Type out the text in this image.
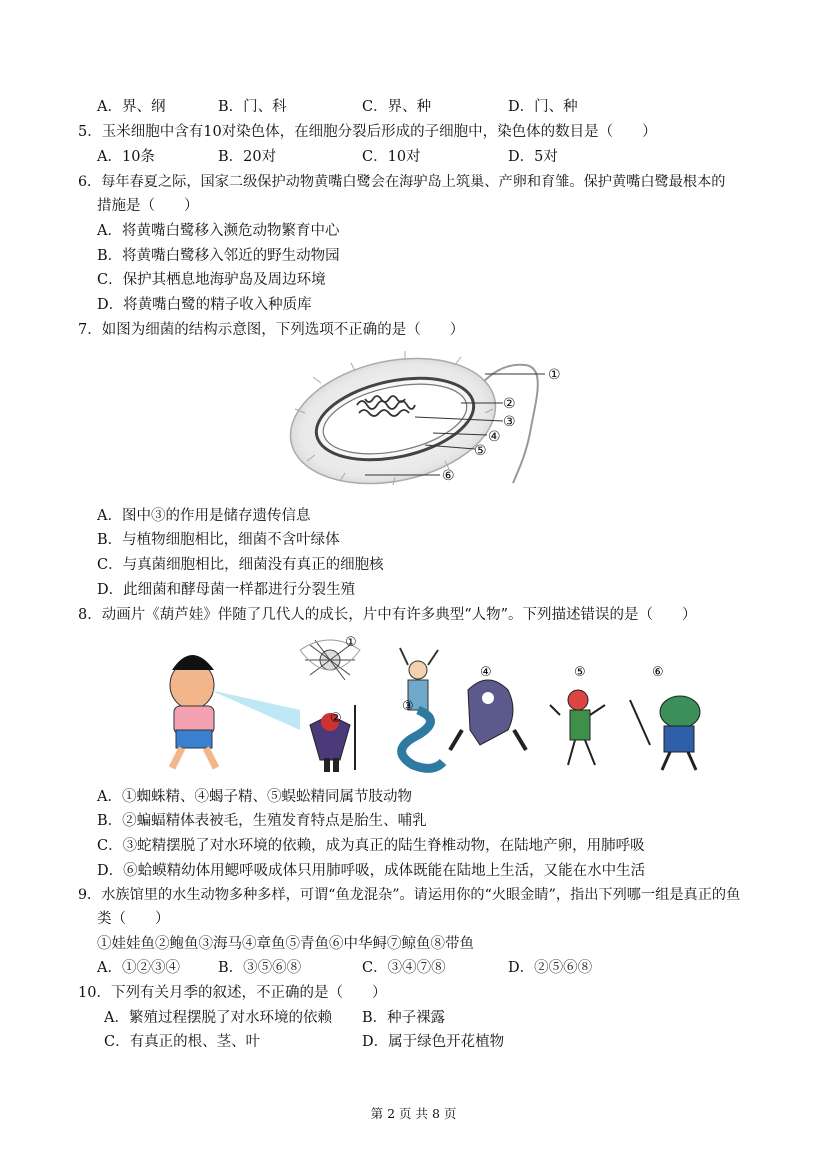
A．界、纲	B．门、科	C．界、种	D．门、种
5．玉米细胞中含有10对染色体，在细胞分裂后形成的子细胞中，染色体的数目是（　　）
A．10条	B．20对	C．10对	D．5对
6．每年春夏之际，国家二级保护动物黄嘴白鹭会在海驴岛上筑巢、产卵和育雏。保护黄嘴白鹭最根本的
措施是（　　）
A．将黄嘴白鹭移入濒危动物繁育中心
B．将黄嘴白鹭移入邻近的野生动物园
C．保护其栖息地海驴岛及周边环境
D．将黄嘴白鹭的精子收入种质库
7．如图为细菌的结构示意图，下列选项不正确的是（　　）
①
②
③
④
⑤
⑥
A．图中③的作用是储存遗传信息
B．与植物细胞相比，细菌不含叶绿体
C．与真菌细胞相比，细菌没有真正的细胞核
D．此细菌和酵母菌一样都进行分裂生殖
8．动画片《葫芦娃》伴随了几代人的成长，片中有许多典型“人物”。下列描述错误的是（　　）
①
②
③
④	⑤	⑥
A．①蜘蛛精、④蝎子精、⑤蜈蚣精同属节肢动物
B．②蝙蝠精体表被毛，生殖发育特点是胎生、哺乳
C．③蛇精摆脱了对水环境的依赖，成为真正的陆生脊椎动物，在陆地产卵，用肺呼吸
D．⑥蛤蟆精幼体用鳃呼吸成体只用肺呼吸，成体既能在陆地上生活，又能在水中生活
9．水族馆里的水生动物多种多样，可谓“鱼龙混杂”。请运用你的“火眼金睛”，指出下列哪一组是真正的鱼
类（　　）
①娃娃鱼②鲍鱼③海马④章鱼⑤青鱼⑥中华鲟⑦鲸鱼⑧带鱼
A．①②③④	B．③⑤⑥⑧	C．③④⑦⑧	D．②⑤⑥⑧
10．下列有关月季的叙述，不正确的是（　　）
A．繁殖过程摆脱了对水环境的依赖 B．种子裸露
C．有真正的根、茎、叶	D．属于绿色开花植物
第 2 页 共 8 页
